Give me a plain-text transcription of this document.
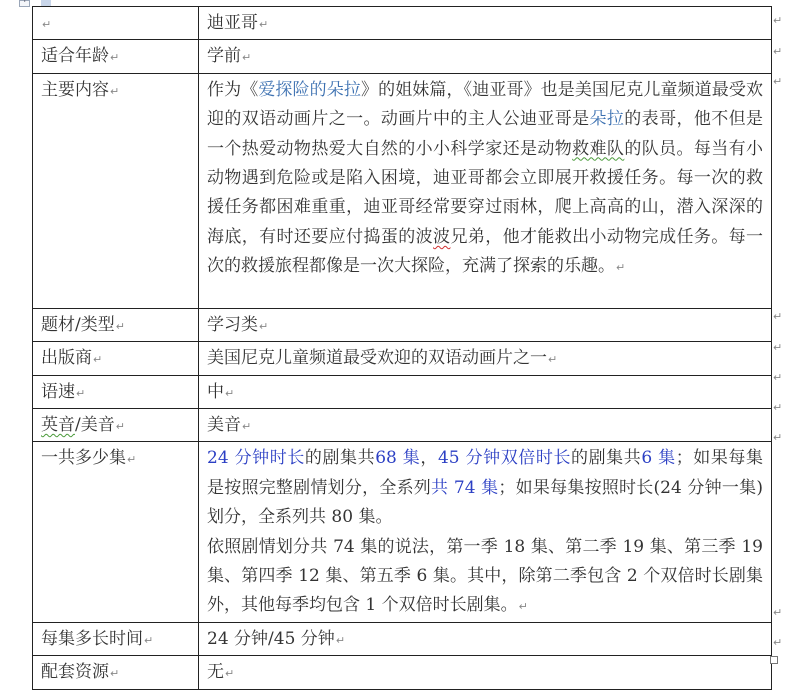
+
↵	迪亚哥↵
适合年龄↵	学前↵
主要内容↵	作为《爱探险的朵拉》的姐妹篇，《迪亚哥》也是美国尼克儿童频道最受欢迎的双语动画片之一。动画片中的主人公迪亚哥是朵拉的表哥，他不但是一个热爱动物热爱大自然的小小科学家还是动物救难队的队员。每当有小动物遇到危险或是陷入困境，迪亚哥都会立即展开救援任务。每一次的救援任务都困难重重，迪亚哥经常要穿过雨林，爬上高高的山，潜入深深的海底，有时还要应付捣蛋的波波兄弟，他才能救出小动物完成任务。每一次的救援旅程都像是一次大探险，充满了探索的乐趣。↵
题材/类型↵	学习类↵
出版商↵	美国尼克儿童频道最受欢迎的双语动画片之一↵
语速↵	中↵
英音/美音↵	美音↵
一共多少集↵	24 分钟时长的剧集共68 集，45 分钟双倍时长的剧集共6 集；如果每集是按照完整剧情划分，全系列共 74 集；如果每集按照时长(24 分钟一集)划分，全系列共 80 集。
依照剧情划分共 74 集的说法，第一季 18 集、第二季 19 集、第三季 19 集、第四季 12 集、第五季 6 集。其中，除第二季包含 2 个双倍时长剧集外，其他每季均包含 1 个双倍时长剧集。↵

每集多长时间↵	24 分钟/45 分钟↵
配套资源↵	无↵
↵
↵
↵
↵
↵
↵
↵
↵
↵
↵
